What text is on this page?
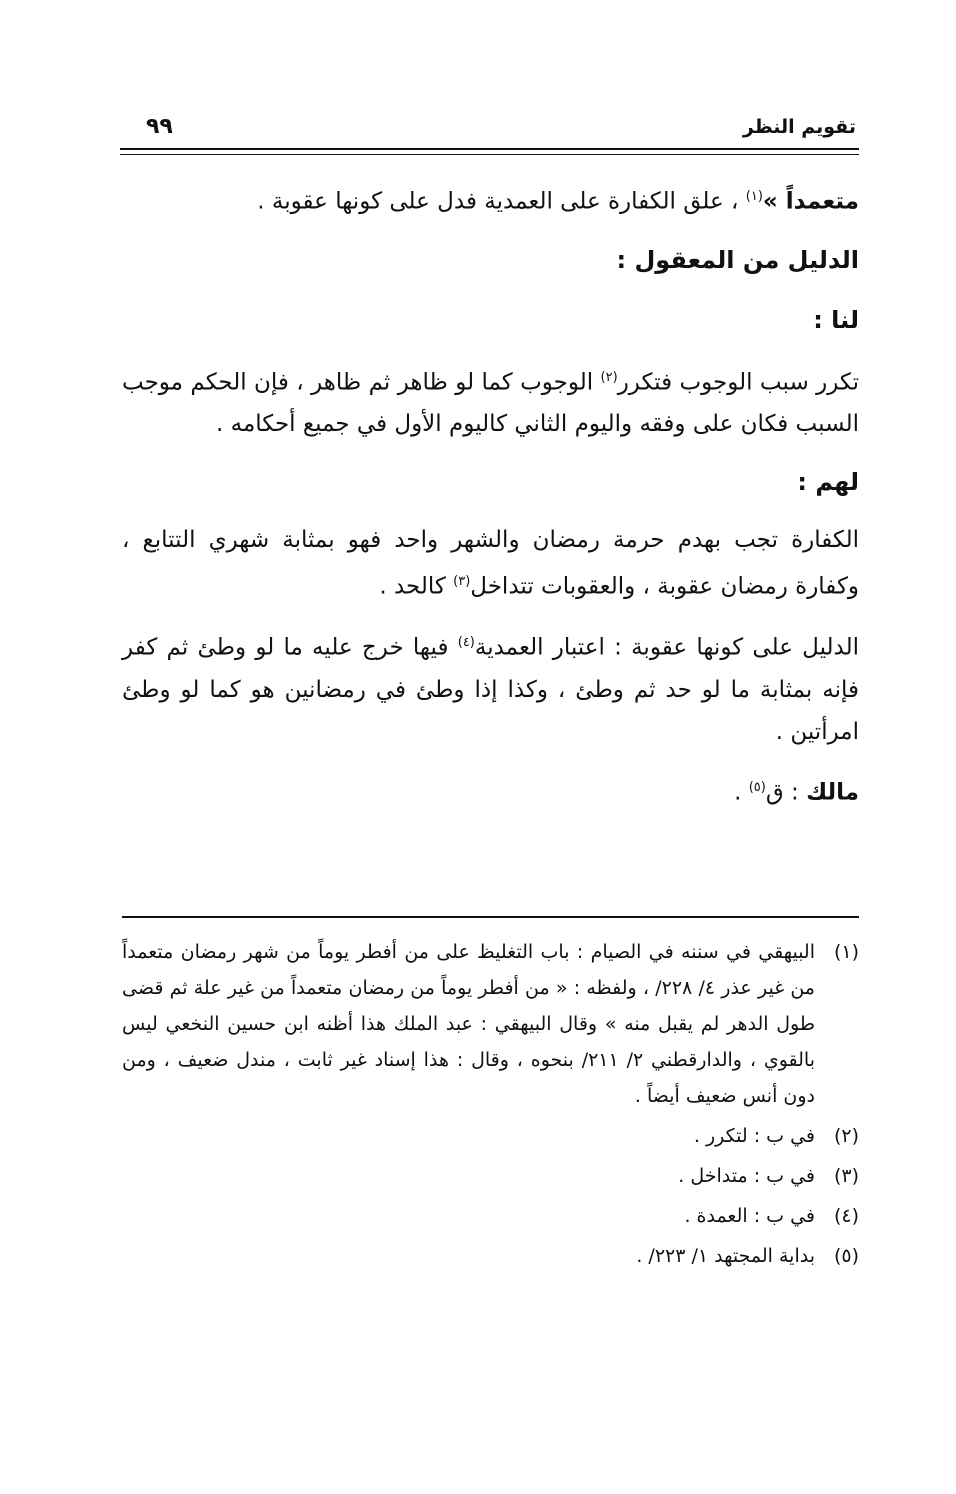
تقويم النظر
٩٩

متعمداً »$^{(١)}$ ، علق الكفارة على العمدية فدل على كونها عقوبة .

الدليل من المعقول :
لنا :

تكرر سبب الوجوب فتكرر$^{(٢)}$ الوجوب كما لو ظاهر ثم ظاهر ، فإن الحكم موجب السبب فكان على وفقه واليوم الثاني كاليوم الأول في جميع أحكامه .

لهم :

الكفارة تجب بهدم حرمة رمضان والشهر واحد فهو بمثابة شهري التتابع ، وكفارة رمضان عقوبة ، والعقوبات تتداخل$^{(٣)}$ كالحد .

الدليل على كونها عقوبة : اعتبار العمدية$^{(٤)}$ فيها خرج عليه ما لو وطئ ثم كفر فإنه بمثابة ما لو حد ثم وطئ ، وكذا إذا وطئ في رمضانين هو كما لو وطئ امرأتين .

مالك : ق$^{(٥)}$ .

(١)
البيهقي في سننه في الصيام : باب التغليظ على من أفطر يوماً من شهر رمضان متعمداً من غير عذر ٤/ ٢٢٨/ ، ولفظه : « من أفطر يوماً من رمضان متعمداً من غير علة ثم قضى طول الدهر لم يقبل منه » وقال البيهقي : عبد الملك هذا أظنه ابن حسين النخعي ليس بالقوي ، والدارقطني ٢/ ٢١١/ بنحوه ، وقال : هذا إسناد غير ثابت ، مندل ضعيف ، ومن دون أنس ضعيف أيضاً .
(٢)
في ب : لتكرر .
(٣)
في ب : متداخل .
(٤)
في ب : العمدة .
(٥)
بداية المجتهد ١/ ٢٢٣/ .
